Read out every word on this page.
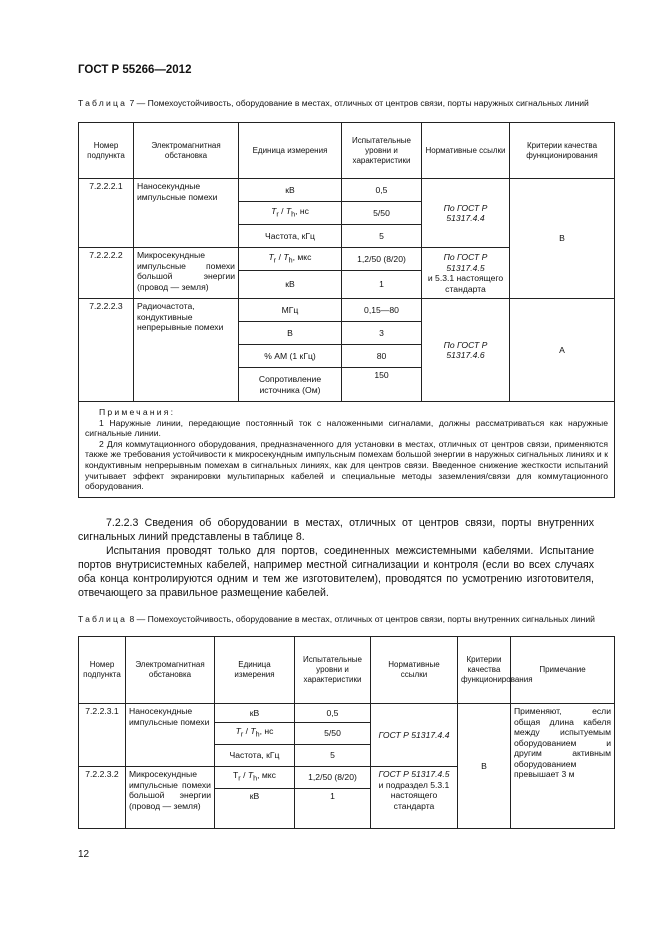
ГОСТ Р 55266—2012
Таблица 7 — Помехоустойчивость, оборудование в местах, отличных от центров связи, порты наружных сигнальных линий
Номер подпункта	Электромагнитная обстановка	Единица измерения	Испытательные уровни и характеристики	Нормативные ссылки	Критерии качества функционирования
7.2.2.2.1	Наносекундные импульсные помехи	кВ	0,5	По ГОСТ Р 51317.4.4	B
		$T_r / T_h$, нс	5/50		
		Частота, кГц	5		
7.2.2.2.2	Микросекундные импульсные помехи большой энергии (провод — земля)	$T_r / T_h$, мкс	1,2/50 (8/20)	По ГОСТ Р 51317.4.5
и 5.3.1 настоящего стандарта	
		кВ	1		
7.2.2.2.3	Радиочастота, кондуктивные непрерывные помехи	МГц	0,15—80	По ГОСТ Р 51317.4.6	A
		В	3		
		% АМ (1 кГц)	80		
		Сопротивление источника (Ом)	150		

Примечания:

1 Наружные линии, передающие постоянный ток с наложенными сигналами, должны рассматриваться как наружные сигнальные линии.

2 Для коммутационного оборудования, предназначенного для установки в местах, отличных от центров связи, применяются также же требования устойчивости к микросекундным импульсным помехам большой энергии в наружных сигнальных линиях и к кондуктивным непрерывным помехам в сигнальных линиях, как для центров связи. Введенное снижение жесткости испытаний учитывает эффект экранировки мультипарных кабелей и специальные методы заземления/связи для коммутационного оборудования.					

7.2.2.3 Сведения об оборудовании в местах, отличных от центров связи, порты внутренних сигнальных линий представлены в таблице 8.

Испытания проводят только для портов, соединенных межсистемными кабелями. Испытание портов внутрисистемных кабелей, например местной сигнализации и контроля (если во всех случаях оба конца контролируются одним и тем же изготовителем), проводятся по усмотрению изготовителя, отвечающего за правильное размещение кабелей.

Таблица 8 — Помехоустойчивость, оборудование в местах, отличных от центров связи, порты внутренних сигнальных линий
Номер подпункта	Электромагнитная обстановка	Единица измерения	Испытательные уровни и характеристики	Нормативные ссылки	Критерии качества функционирования	Примечание
7.2.2.3.1	Наносекундные импульсные помехи	кВ	0,5	ГОСТ Р 51317.4.4	B	Применяют, если общая длина кабеля между испытуемым оборудованием и другим активным оборудованием превышает 3 м
		$T_r / T_h$, нс	5/50			
		Частота, кГц	5			
7.2.2.3.2	Микросекундные импульсные помехи большой энергии (провод — земля)	$T_r / T_h$, мкс	1,2/50 (8/20)	ГОСТ Р 51317.4.5
и подраздел 5.3.1 настоящего стандарта		
		кВ	1			
12
